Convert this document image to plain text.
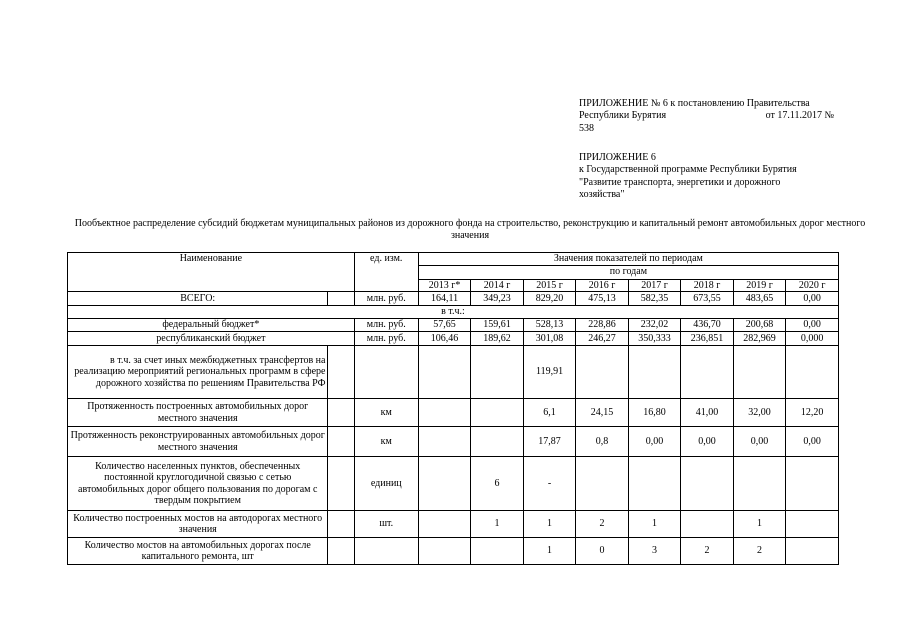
ПРИЛОЖЕНИЕ № 6 к постановлению Правительства

Республики Бурятия	от 17.11.2017 №

538

ПРИЛОЖЕНИЕ 6

к Государственной программе Республики Бурятия

"Развитие транспорта, энергетики и дорожного

хозяйства"

Пообъектное распределение субсидий бюджетам муниципальных районов из дорожного фонда на строительство, реконструкцию и капитальный ремонт автомобильных дорог местного значения
Наименование		ед. изм.	Значения показателей по периодам							
			по годам							
			2013 г*	2014 г	2015 г	2016 г	2017 г	2018 г	2019 г	2020 г
ВСЕГО:		млн. руб.	164,11	349,23	829,20	475,13	582,35	673,55	483,65	0,00
в т.ч.:										
федеральный бюджет*		млн. руб.	57,65	159,61	528,13	228,86	232,02	436,70	200,68	0,00
республиканский бюджет		млн. руб.	106,46	189,62	301,08	246,27	350,333	236,851	282,969	0,000
в т.ч. за счет иных межбюджетных трансфертов на реализацию мероприятий региональных программ в сфере дорожного хозяйства по решениям Правительства РФ					119,91					
Протяженность построенных автомобильных дорог местного значения		км			6,1	24,15	16,80	41,00	32,00	12,20
Протяженность реконструированных автомобильных дорог местного значения		км			17,87	0,8	0,00	0,00	0,00	0,00
Количество населенных пунктов, обеспеченных постоянной круглогодичной связью с сетью автомобильных дорог общего пользования по дорогам с твердым покрытием		единиц		6	-					
Количество построенных мостов на автодорогах местного значения		шт.		1	1	2	1		1	
Количество мостов на автомобильных дорогах после капитального ремонта, шт					1	0	3	2	2	
